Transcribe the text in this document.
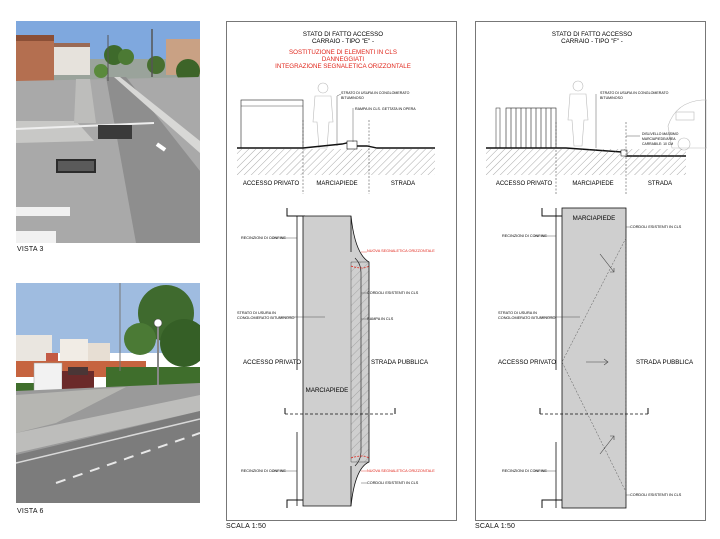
VISTA 3
VISTA 6
STATO DI FATTO ACCESSO
CARRAIO - TIPO "E" -
SOSTITUZIONE DI ELEMENTI IN CLS
DANNEGGIATI
INTEGRAZIONE SEGNALETICA ORIZZONTALE
STRATO DI USURA IN CONGLOMERATO
BITUMINOSO
RAMPA IN CLS. GETTATA IN OPERA
ACCESSO PRIVATO	MARCIAPIEDE	STRADA
RECINZIONI DI CONFINE
STRATO DI USURA IN
CONGLOMERATO BITUMINOSO
ACCESSO PRIVATO	STRADA PUBBLICA
MARCIAPIEDE
RECINZIONI DI CONFINE
NUOVA SEGNALETICA ORIZZONTALE
CORDOLI ESISTENTI IN CLS
RAMPA IN CLS
NUOVA SEGNALETICA ORIZZONTALE
CORDOLI ESISTENTI IN CLS
SCALA 1:50
STATO DI FATTO ACCESSO
CARRAIO - TIPO "F" -
STRATO DI USURA IN CONGLOMERATO
BITUMINOSO
DISLIVELLO MASSIMO
MARCIAPIEDE/AREA
CARRABILE: 10 CM
ACCESSO PRIVATO	MARCIAPIEDE	STRADA
MARCIAPIEDE
RECINZIONI DI CONFINE
CORDOLI ESISTENTI IN CLS
STRATO DI USURA IN
CONGLOMERATO BITUMINOSO
ACCESSO PRIVATO	STRADA PUBBLICA
RECINZIONI DI CONFINE
CORDOLI ESISTENTI IN CLS
SCALA 1:50
